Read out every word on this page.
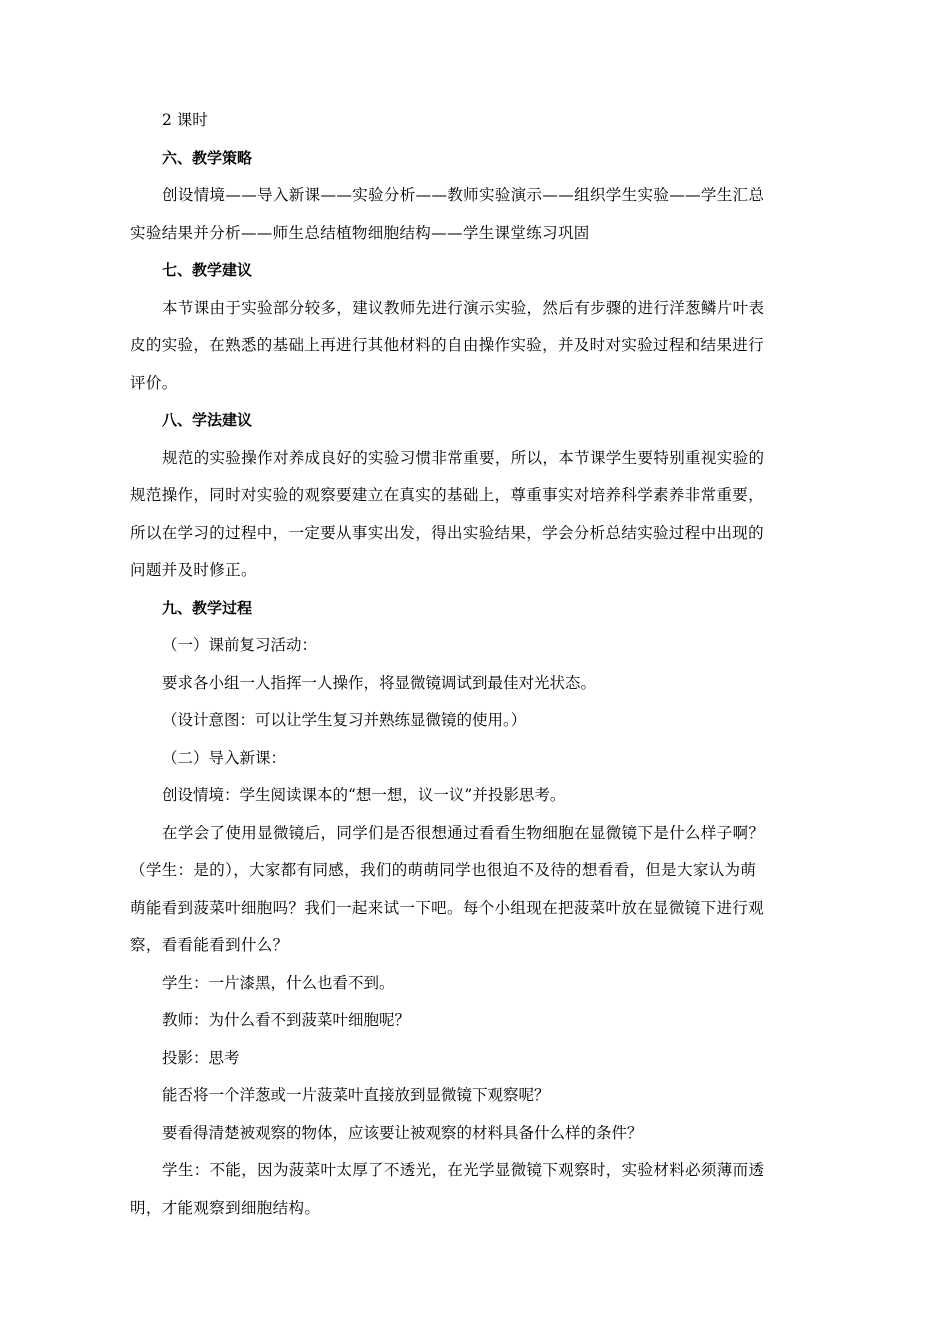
2 课时
六、教学策略
创设情境——导入新课——实验分析——教师实验演示——组织学生实验——学生汇总
实验结果并分析——师生总结植物细胞结构——学生课堂练习巩固
七、教学建议
本节课由于实验部分较多，建议教师先进行演示实验，然后有步骤的进行洋葱鳞片叶表
皮的实验，在熟悉的基础上再进行其他材料的自由操作实验，并及时对实验过程和结果进行
评价。
八、学法建议
规范的实验操作对养成良好的实验习惯非常重要，所以，本节课学生要特别重视实验的
规范操作，同时对实验的观察要建立在真实的基础上，尊重事实对培养科学素养非常重要，
所以在学习的过程中，一定要从事实出发，得出实验结果，学会分析总结实验过程中出现的
问题并及时修正。
九、教学过程
（一）课前复习活动：
要求各小组一人指挥一人操作，将显微镜调试到最佳对光状态。
（设计意图：可以让学生复习并熟练显微镜的使用。）
（二）导入新课：
创设情境：学生阅读课本的“想一想，议一议”并投影思考。
在学会了使用显微镜后，同学们是否很想通过看看生物细胞在显微镜下是什么样子啊？
（学生：是的），大家都有同感，我们的萌萌同学也很迫不及待的想看看，但是大家认为萌
萌能看到菠菜叶细胞吗？我们一起来试一下吧。每个小组现在把菠菜叶放在显微镜下进行观
察，看看能看到什么？
学生：一片漆黑，什么也看不到。
教师：为什么看不到菠菜叶细胞呢？
投影：思考
能否将一个洋葱或一片菠菜叶直接放到显微镜下观察呢？
要看得清楚被观察的物体，应该要让被观察的材料具备什么样的条件？
学生：不能，因为菠菜叶太厚了不透光，在光学显微镜下观察时，实验材料必须薄而透
明，才能观察到细胞结构。
